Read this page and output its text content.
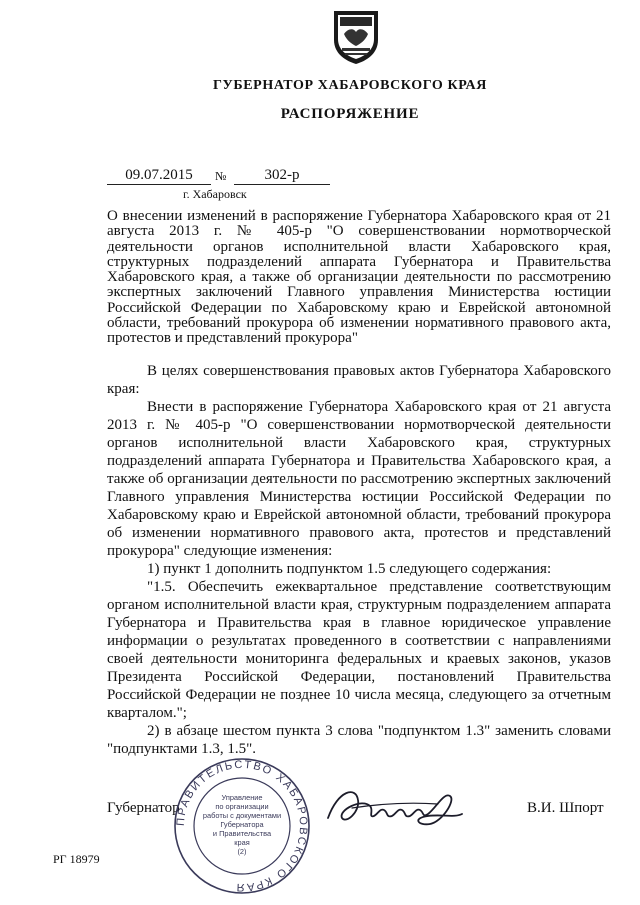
ГУБЕРНАТОР ХАБАРОВСКОГО КРАЯ
РАСПОРЯЖЕНИЕ
09.07.2015	№	302-р
г. Хабаровск
О внесении изменений в распоряжение Губернатора Хабаровского края от 21 августа 2013 г. № 405-р "О совершенствовании нормотворческой деятельности органов исполнительной власти Хабаровского края, структурных подразделений аппарата Губернатора и Правительства Хабаровского края, а также об организации деятельности по рассмотрению экспертных заключений Главного управления Министерства юстиции Российской Федерации по Хабаровскому краю и Еврейской автономной области, требований прокурора об изменении нормативного правового акта, протестов и представлений прокурора"

В целях совершенствования правовых актов Губернатора Хабаровского края:

Внести в распоряжение Губернатора Хабаровского края от 21 августа 2013 г. № 405-р "О совершенствовании нормотворческой деятельности органов исполнительной власти Хабаровского края, структурных подразделений аппарата Губернатора и Правительства Хабаровского края, а также об организации деятельности по рассмотрению экспертных заключений Главного управления Министерства юстиции Российской Федерации по Хабаровскому краю и Еврейской автономной области, требований прокурора об изменении нормативного правового акта, протестов и представлений прокурора" следующие изменения:

1) пункт 1 дополнить подпунктом 1.5 следующего содержания:

"1.5. Обеспечить ежеквартальное представление соответствующим органом исполнительной власти края, структурным подразделением аппарата Губернатора и Правительства края в главное юридическое управление информации о результатах проведенного в соответствии с направлениями своей деятельности мониторинга федеральных и краевых законов, указов Президента Российской Федерации, постановлений Правительства Российской Федерации не позднее 10 числа месяца, следующего за отчетным кварталом.";

2) в абзаце шестом пункта 3 слова "подпунктом 1.3" заменить словами "подпунктами 1.3, 1.5".

Губернатор
ПРАВИТЕЛЬСТВО ХАБАРОВСКОГО КРАЯ
Управление
по организации
работы с документами
Губернатора
и Правительства
края
(2)
В.И. Шпорт
РГ 18979
